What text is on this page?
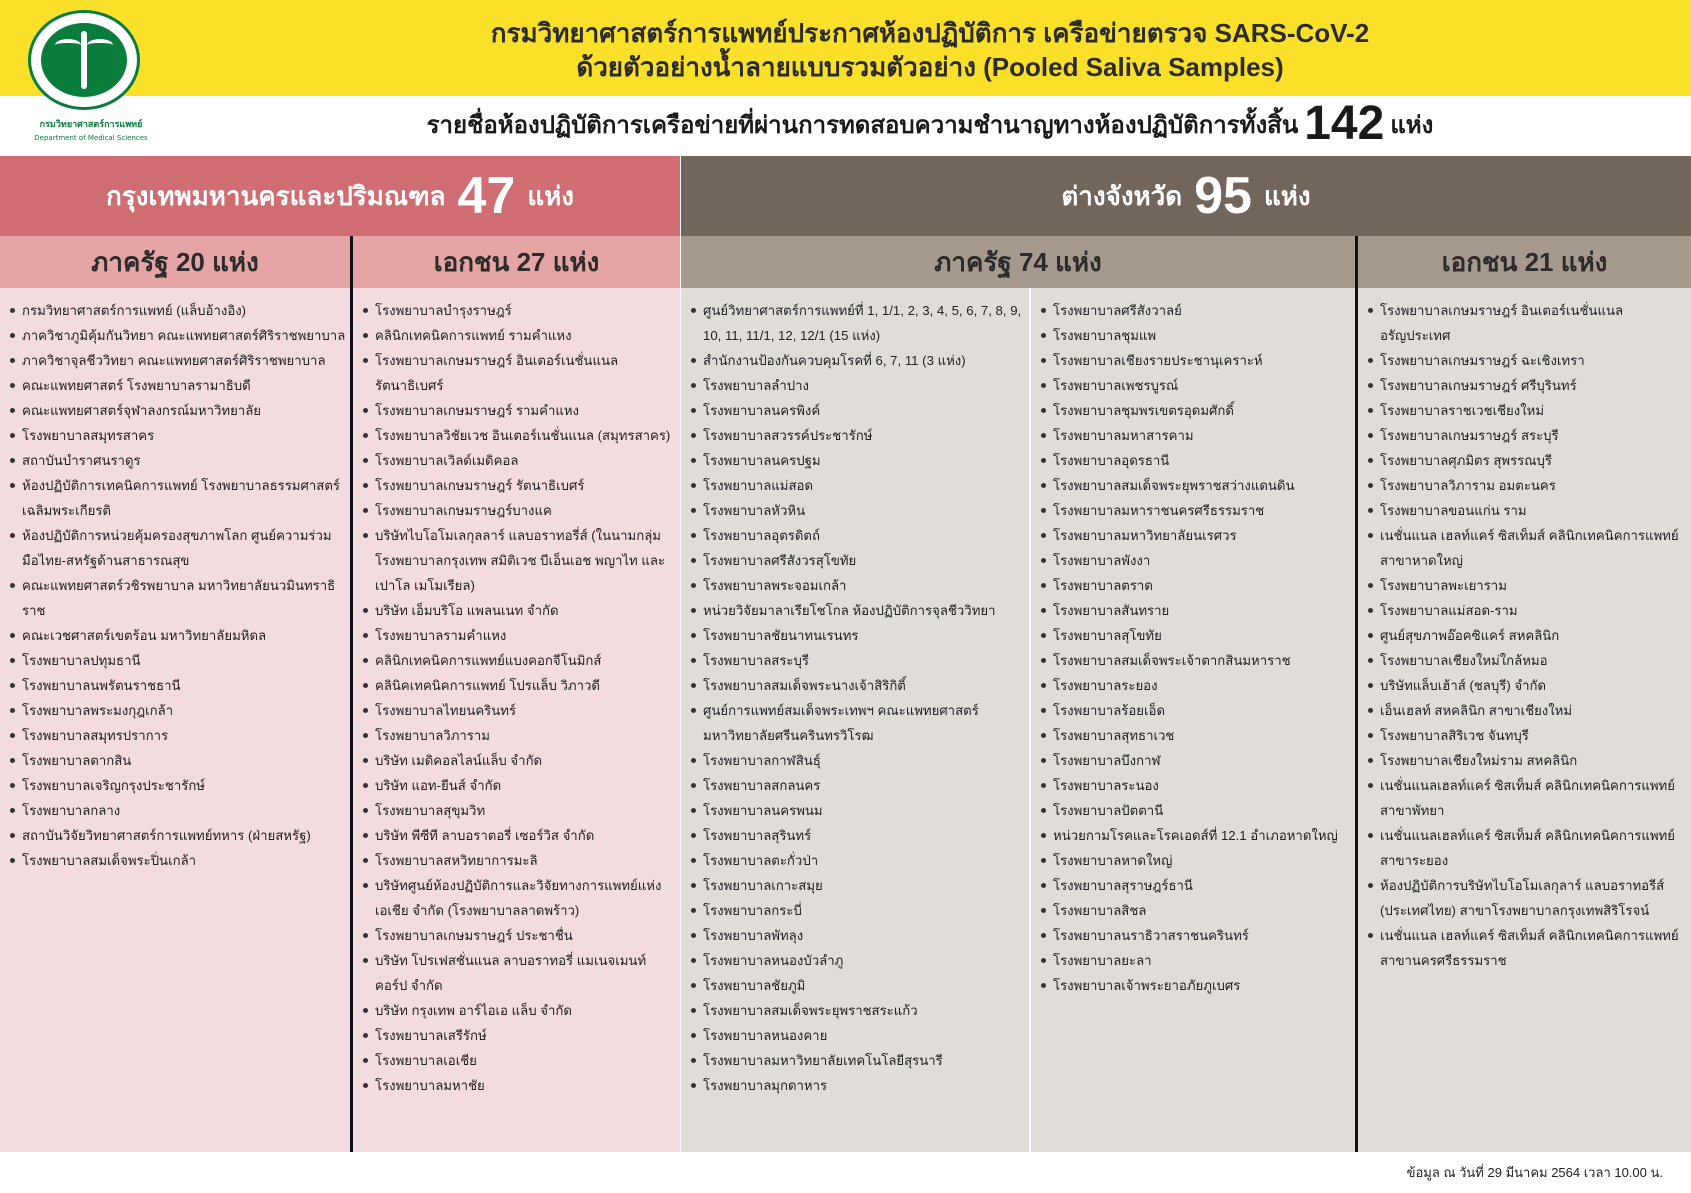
กรมวิทยาศาสตร์การแพทย์
Department of Medical Sciences
กรมวิทยาศาสตร์การแพทย์ประกาศห้องปฏิบัติการ เครือข่ายตรวจ SARS-CoV-2
ด้วยตัวอย่างน้ำลายแบบรวมตัวอย่าง (Pooled Saliva Samples)
รายชื่อห้องปฏิบัติการเครือข่ายที่ผ่านการทดสอบความชำนาญทางห้องปฏิบัติการทั้งสิ้น 142 แห่ง
กรุงเทพมหานครและปริมณฑล 47 แห่ง	ต่างจังหวัด 95 แห่ง
ภาครัฐ 20 แห่ง	เอกชน 27 แห่ง	ภาครัฐ 74 แห่ง	เอกชน 21 แห่ง
กรมวิทยาศาสตร์การแพทย์ (แล็บอ้างอิง)
ภาควิชาภูมิคุ้มกันวิทยา คณะแพทยศาสตร์ศิริราชพยาบาล
ภาควิชาจุลชีววิทยา คณะแพทยศาสตร์ศิริราชพยาบาล
คณะแพทยศาสตร์ โรงพยาบาลรามาธิบดี
คณะแพทยศาสตร์จุฬาลงกรณ์มหาวิทยาลัย
โรงพยาบาลสมุทรสาคร
สถาบันบำราศนราดูร
ห้องปฏิบัติการเทคนิคการแพทย์ โรงพยาบาลธรรมศาสตร์เฉลิมพระเกียรติ
ห้องปฏิบัติการหน่วยคุ้มครองสุขภาพโลก ศูนย์ความร่วมมือไทย-สหรัฐด้านสาธารณสุข
คณะแพทยศาสตร์วชิรพยาบาล มหาวิทยาลัยนวมินทราธิราช
คณะเวชศาสตร์เขตร้อน มหาวิทยาลัยมหิดล
โรงพยาบาลปทุมธานี
โรงพยาบาลนพรัตนราชธานี
โรงพยาบาลพระมงกุฎเกล้า
โรงพยาบาลสมุทรปราการ
โรงพยาบาลตากสิน
โรงพยาบาลเจริญกรุงประชารักษ์
โรงพยาบาลกลาง
สถาบันวิจัยวิทยาศาสตร์การแพทย์ทหาร (ฝ่ายสหรัฐ)
โรงพยาบาลสมเด็จพระปิ่นเกล้า
โรงพยาบาลบำรุงราษฎร์
คลินิกเทคนิคการแพทย์ รามคำแหง
โรงพยาบาลเกษมราษฎร์ อินเตอร์เนชั่นแนล รัตนาธิเบศร์
โรงพยาบาลเกษมราษฎร์ รามคำแหง
โรงพยาบาลวิชัยเวช อินเตอร์เนชั่นแนล (สมุทรสาคร)
โรงพยาบาลเวิลด์เมดิคอล
โรงพยาบาลเกษมราษฎร์ รัตนาธิเบศร์
โรงพยาบาลเกษมราษฎร์บางแค
บริษัทไบโอโมเลกุลลาร์ แลบอราทอรี่ส์ (ในนามกลุ่มโรงพยาบาลกรุงเทพ สมิติเวช บีเอ็นเอช พญาไท และเปาโล เมโมเรียล)
บริษัท เอ็มบริโอ แพลนเนท จำกัด
โรงพยาบาลรามคำแหง
คลินิกเทคนิคการแพทย์แบงคอกจีโนมิกส์
คลินิคเทคนิคการแพทย์ โปรแล็บ วิภาวดี
โรงพยาบาลไทยนครินทร์
โรงพยาบาลวิภาราม
บริษัท เมดิคอลไลน์แล็บ จำกัด
บริษัท แอท-ยีนส์ จำกัด
โรงพยาบาลสุขุมวิท
บริษัท พีซีที ลาบอราตอรี่ เซอร์วิส จำกัด
โรงพยาบาลสหวิทยาการมะลิ
บริษัทศูนย์ห้องปฏิบัติการและวิจัยทางการแพทย์แห่งเอเชีย จำกัด (โรงพยาบาลลาดพร้าว)
โรงพยาบาลเกษมราษฎร์ ประชาชื่น
บริษัท โปรเฟสชั่นแนล ลาบอราทอรี่ แมเนจเมนท์ คอร์ป จำกัด
บริษัท กรุงเทพ อาร์ไอเอ แล็บ จำกัด
โรงพยาบาลเสรีรักษ์
โรงพยาบาลเอเชีย
โรงพยาบาลมหาชัย
ศูนย์วิทยาศาสตร์การแพทย์ที่ 1, 1/1, 2, 3, 4, 5, 6, 7, 8, 9, 10, 11, 11/1, 12, 12/1 (15 แห่ง)
สำนักงานป้องกันควบคุมโรคที่ 6, 7, 11 (3 แห่ง)
โรงพยาบาลลำปาง
โรงพยาบาลนครพิงค์
โรงพยาบาลสวรรค์ประชารักษ์
โรงพยาบาลนครปฐม
โรงพยาบาลแม่สอด
โรงพยาบาลหัวหิน
โรงพยาบาลอุตรดิตถ์
โรงพยาบาลศรีสังวรสุโขทัย
โรงพยาบาลพระจอมเกล้า
หน่วยวิจัยมาลาเรียโชโกล ห้องปฏิบัติการจุลชีววิทยา
โรงพยาบาลชัยนาทนเรนทร
โรงพยาบาลสระบุรี
โรงพยาบาลสมเด็จพระนางเจ้าสิริกิติ์
ศูนย์การแพทย์สมเด็จพระเทพฯ คณะแพทยศาสตร์ มหาวิทยาลัยศรีนครินทรวิโรฒ
โรงพยาบาลกาฬสินธุ์
โรงพยาบาลสกลนคร
โรงพยาบาลนครพนม
โรงพยาบาลสุรินทร์
โรงพยาบาลตะกั่วป่า
โรงพยาบาลเกาะสมุย
โรงพยาบาลกระบี่
โรงพยาบาลพัทลุง
โรงพยาบาลหนองบัวลำภู
โรงพยาบาลชัยภูมิ
โรงพยาบาลสมเด็จพระยุพราชสระแก้ว
โรงพยาบาลหนองคาย
โรงพยาบาลมหาวิทยาลัยเทคโนโลยีสุรนารี
โรงพยาบาลมุกดาหาร
โรงพยาบาลศรีสังวาลย์
โรงพยาบาลชุมแพ
โรงพยาบาลเชียงรายประชานุเคราะห์
โรงพยาบาลเพชรบูรณ์
โรงพยาบาลชุมพรเขตรอุดมศักดิ์
โรงพยาบาลมหาสารคาม
โรงพยาบาลอุดรธานี
โรงพยาบาลสมเด็จพระยุพราชสว่างแดนดิน
โรงพยาบาลมหาราชนครศรีธรรมราช
โรงพยาบาลมหาวิทยาลัยนเรศวร
โรงพยาบาลพังงา
โรงพยาบาลตราด
โรงพยาบาลสันทราย
โรงพยาบาลสุโขทัย
โรงพยาบาลสมเด็จพระเจ้าตากสินมหาราช
โรงพยาบาลระยอง
โรงพยาบาลร้อยเอ็ด
โรงพยาบาลสุทธาเวช
โรงพยาบาลบึงกาฬ
โรงพยาบาลระนอง
โรงพยาบาลปัตตานี
หน่วยกามโรคและโรคเอดส์ที่ 12.1 อำเภอหาดใหญ่
โรงพยาบาลหาดใหญ่
โรงพยาบาลสุราษฎร์ธานี
โรงพยาบาลสิชล
โรงพยาบาลนราธิวาสราชนครินทร์
โรงพยาบาลยะลา
โรงพยาบาลเจ้าพระยาอภัยภูเบศร
โรงพยาบาลเกษมราษฎร์ อินเตอร์เนชั่นแนล อรัญประเทศ
โรงพยาบาลเกษมราษฎร์ ฉะเชิงเทรา
โรงพยาบาลเกษมราษฎร์ ศรีบุรินทร์
โรงพยาบาลราชเวชเชียงใหม่
โรงพยาบาลเกษมราษฎร์ สระบุรี
โรงพยาบาลศุภมิตร สุพรรณบุรี
โรงพยาบาลวิภาราม อมตะนคร
โรงพยาบาลขอนแก่น ราม
เนชั่นแนล เฮลท์แคร์ ซิสเท็มส์ คลินิกเทคนิคการแพทย์ สาขาหาดใหญ่
โรงพยาบาลพะเยาราม
โรงพยาบาลแม่สอด-ราม
ศูนย์สุขภาพอ๊อคซิแคร์ สหคลินิก
โรงพยาบาลเชียงใหม่ใกล้หมอ
บริษัทแล็บเฮ้าส์ (ชลบุรี) จำกัด
เอ็นเฮลท์ สหคลินิก สาขาเชียงใหม่
โรงพยาบาลสิริเวช จันทบุรี
โรงพยาบาลเชียงใหม่ราม สหคลินิก
เนชั่นแนลเฮลท์แคร์ ซิสเท็มส์ คลินิกเทคนิคการแพทย์ สาขาพัทยา
เนชั่นแนลเฮลท์แคร์ ซิสเท็มส์ คลินิกเทคนิคการแพทย์ สาขาระยอง
ห้องปฏิบัติการบริษัทไบโอโมเลกุลาร์ แลบอราทอรีส์ (ประเทศไทย) สาขาโรงพยาบาลกรุงเทพสิริโรจน์
เนชั่นแนล เฮลท์แคร์ ซิสเท็มส์ คลินิกเทคนิคการแพทย์ สาขานครศรีธรรมราช
ข้อมูล ณ วันที่ 29 มีนาคม 2564 เวลา 10.00 น.
